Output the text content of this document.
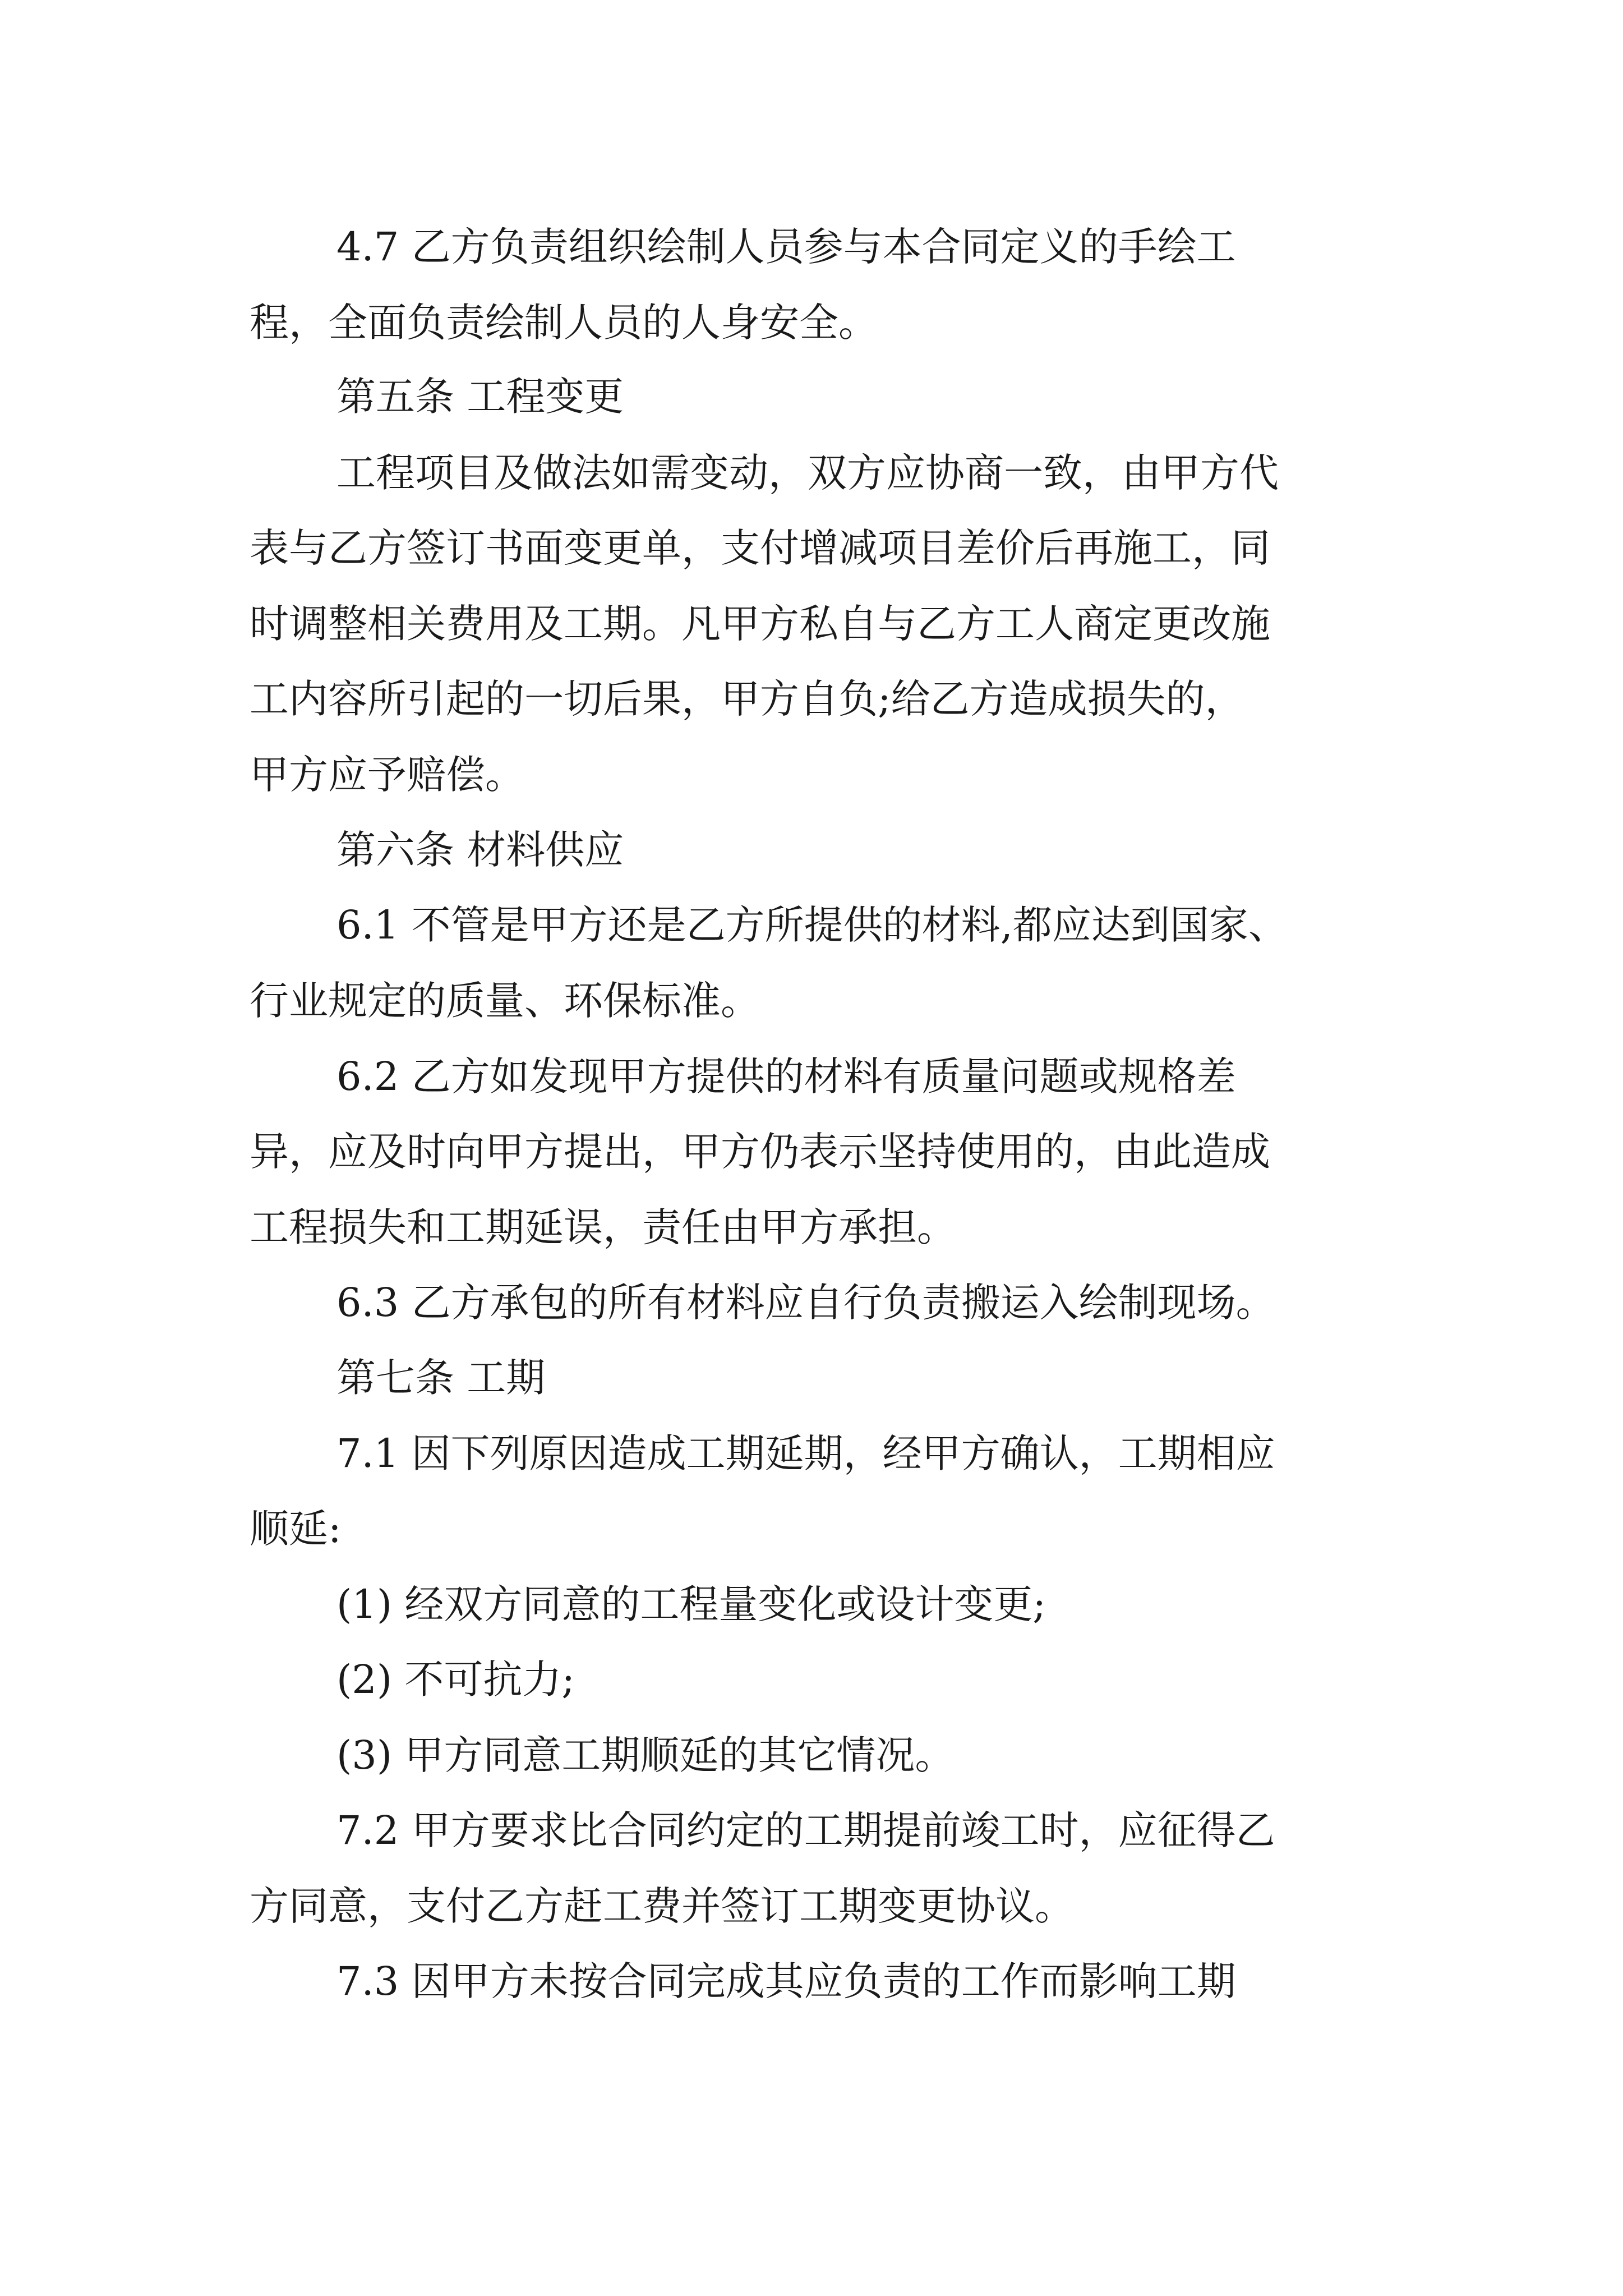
4.7 乙方负责组织绘制人员参与本合同定义的手绘工
程，全面负责绘制人员的人身安全。
第五条 工程变更
工程项目及做法如需变动，双方应协商一致，由甲方代
表与乙方签订书面变更单，支付增减项目差价后再施工，同
时调整相关费用及工期。凡甲方私自与乙方工人商定更改施
工内容所引起的一切后果，甲方自负;给乙方造成损失的，
甲方应予赔偿。
第六条 材料供应
6.1 不管是甲方还是乙方所提供的材料,都应达到国家、
行业规定的质量、环保标准。
6.2 乙方如发现甲方提供的材料有质量问题或规格差
异，应及时向甲方提出，甲方仍表示坚持使用的，由此造成
工程损失和工期延误，责任由甲方承担。
6.3 乙方承包的所有材料应自行负责搬运入绘制现场。
第七条 工期
7.1 因下列原因造成工期延期，经甲方确认，工期相应
顺延:
(1) 经双方同意的工程量变化或设计变更;
(2) 不可抗力;
(3) 甲方同意工期顺延的其它情况。
7.2 甲方要求比合同约定的工期提前竣工时，应征得乙
方同意，支付乙方赶工费并签订工期变更协议。
7.3 因甲方未按合同完成其应负责的工作而影响工期
